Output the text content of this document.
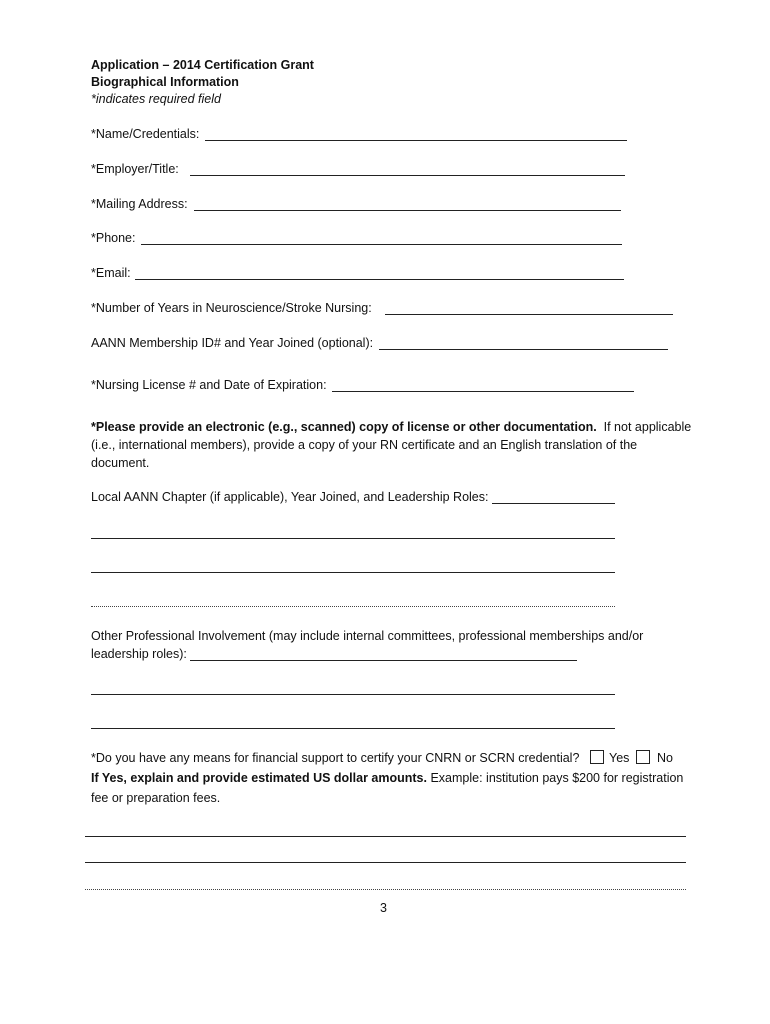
Application – 2014 Certification Grant
Biographical Information
*indicates required field
*Name/Credentials:
*Employer/Title:
*Mailing Address:
*Phone:
*Email:
*Number of Years in Neuroscience/Stroke Nursing:
AANN Membership ID# and Year Joined (optional):
*Nursing License # and Date of Expiration:
*Please provide an electronic (e.g., scanned) copy of license or other documentation. If not applicable
(i.e., international members), provide a copy of your RN certificate and an English translation of the
document.
Local AANN Chapter (if applicable), Year Joined, and Leadership Roles:
Other Professional Involvement (may include internal committees, professional memberships and/or
leadership roles):
*Do you have any means for financial support to certify your CNRN or SCRN credential? Yes No
If Yes, explain and provide estimated US dollar amounts. Example: institution pays $200 for registration
fee or preparation fees.
3
